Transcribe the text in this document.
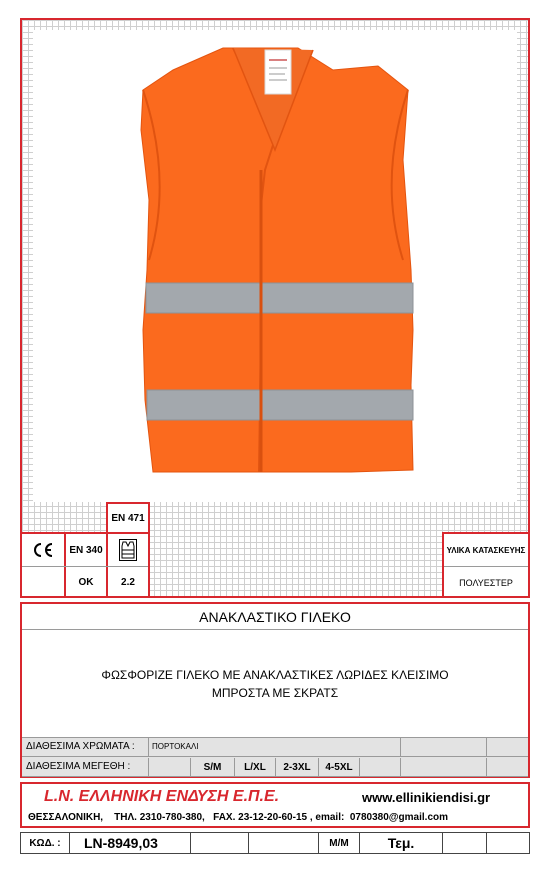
EN 471
EN 340
OK	2.2
ΥΛΙΚΑ ΚΑΤΑΣΚΕΥΗΣ
ΠΟΛΥΕΣΤΕΡ
ΑΝΑΚΛΑΣΤΙΚΟ ΓΙΛΕΚΟ
ΦΩΣΦΟΡΙΖΕ ΓΙΛΕΚΟ ΜΕ ΑΝΑΚΛΑΣΤΙΚΕΣ ΛΩΡΙΔΕΣ ΚΛΕΙΣΙΜΟ ΜΠΡΟΣΤΑ ΜΕ ΣΚΡΑΤΣ
ΔΙΑΘΕΣΙΜΑ ΧΡΩΜΑΤΑ :	ΠΟΡΤΟΚΑΛΙ
ΔΙΑΘΕΣΙΜΑ ΜΕΓΕΘΗ :	S/M L/XL 2-3XL 4-5XL
L.N. ΕΛΛΗΝΙΚΗ ΕΝΔΥΣΗ Ε.Π.Ε.	www.ellinikiendisi.gr
ΘΕΣΣΑΛΟΝΙΚΗ,    ΤΗΛ. 2310-780-380,   FAX. 23-12-20-60-15 , email:  0780380@gmail.com
ΚΩΔ. : LN-8949,03	Μ/Μ	Τεμ.
